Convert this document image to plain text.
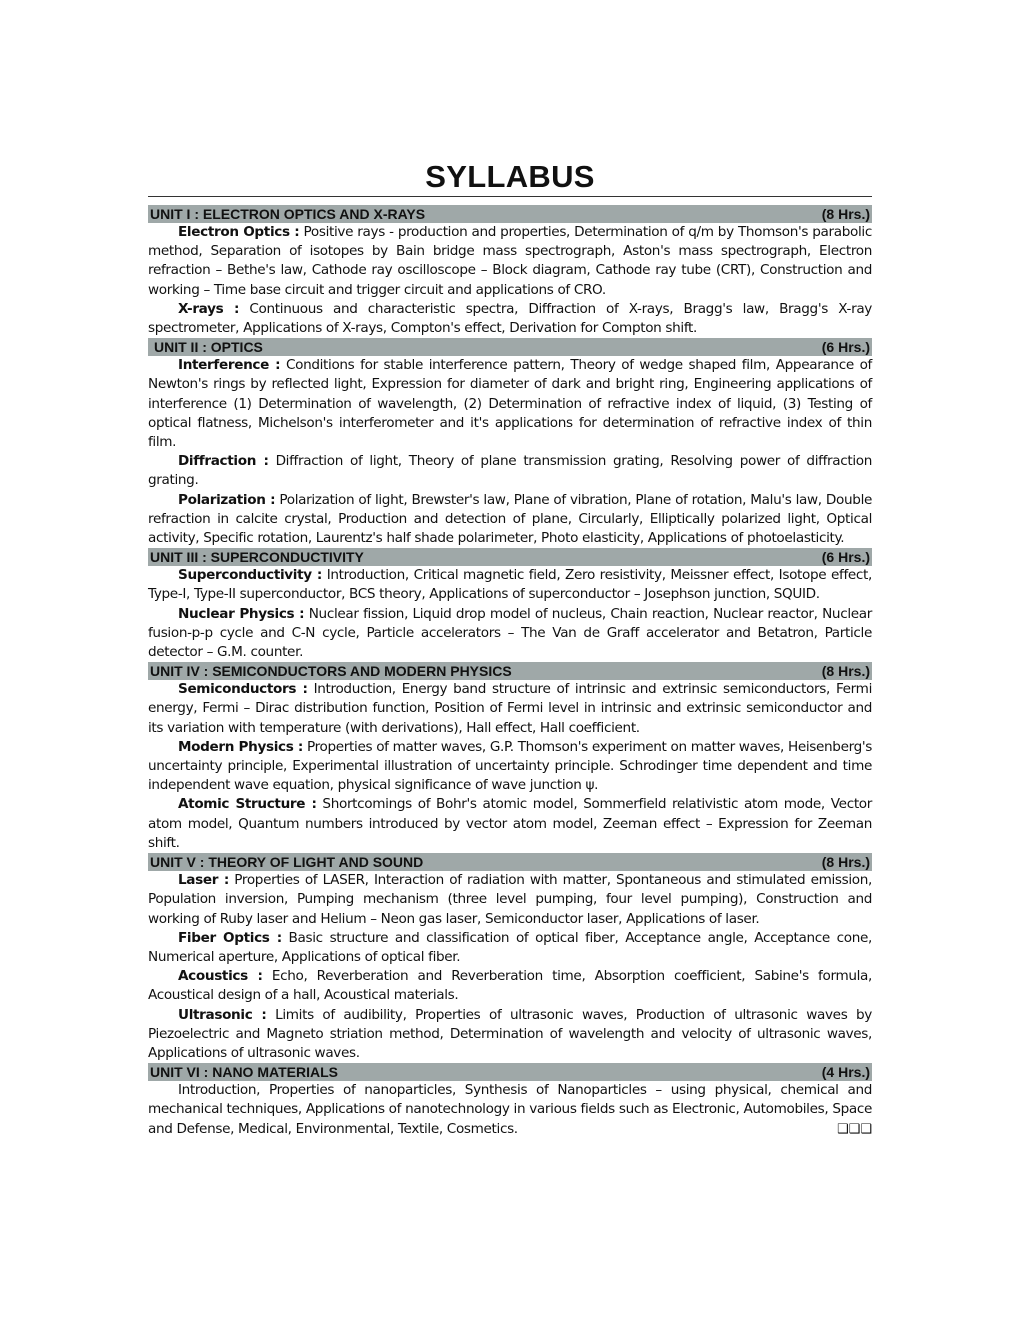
SYLLABUS
UNIT I : ELECTRON OPTICS AND X-RAYS	(8 Hrs.)

Electron Optics : Positive rays - production and properties, Determination of q/m by Thomson's parabolic method, Separation of isotopes by Bain bridge mass spectrograph, Aston's mass spectrograph, Electron refraction – Bethe's law, Cathode ray oscilloscope – Block diagram, Cathode ray tube (CRT), Construction and working – Time base circuit and trigger circuit and applications of CRO.

X-rays : Continuous and characteristic spectra, Diffraction of X-rays, Bragg's law, Bragg's X-ray spectrometer, Applications of X-rays, Compton's effect, Derivation for Compton shift.

UNIT II : OPTICS	(6 Hrs.)

Interference : Conditions for stable interference pattern, Theory of wedge shaped film, Appearance of Newton's rings by reflected light, Expression for diameter of dark and bright ring, Engineering applications of interference (1) Determination of wavelength, (2) Determination of refractive index of liquid, (3) Testing of optical flatness, Michelson's interferometer and it's applications for determination of refractive index of thin film.

Diffraction : Diffraction of light, Theory of plane transmission grating, Resolving power of diffraction grating.

Polarization : Polarization of light, Brewster's law, Plane of vibration, Plane of rotation, Malu's law, Double refraction in calcite crystal, Production and detection of plane, Circularly, Elliptically polarized light, Optical activity, Specific rotation, Laurentz's half shade polarimeter, Photo elasticity, Applications of photoelasticity.

UNIT III : SUPERCONDUCTIVITY	(6 Hrs.)

Superconductivity : Introduction, Critical magnetic field, Zero resistivity, Meissner effect, Isotope effect, Type-I, Type-II superconductor, BCS theory, Applications of superconductor – Josephson junction, SQUID.

Nuclear Physics : Nuclear fission, Liquid drop model of nucleus, Chain reaction, Nuclear reactor, Nuclear fusion-p-p cycle and C-N cycle, Particle accelerators – The Van de Graff accelerator and Betatron, Particle detector – G.M. counter.

UNIT IV : SEMICONDUCTORS AND MODERN PHYSICS	(8 Hrs.)

Semiconductors : Introduction, Energy band structure of intrinsic and extrinsic semiconductors, Fermi energy, Fermi – Dirac distribution function, Position of Fermi level in intrinsic and extrinsic semiconductor and its variation with temperature (with derivations), Hall effect, Hall coefficient.

Modern Physics : Properties of matter waves, G.P. Thomson's experiment on matter waves, Heisenberg's uncertainty principle, Experimental illustration of uncertainty principle. Schrodinger time dependent and time independent wave equation, physical significance of wave junction ψ.

Atomic Structure : Shortcomings of Bohr's atomic model, Sommerfield relativistic atom mode, Vector atom model, Quantum numbers introduced by vector atom model, Zeeman effect – Expression for Zeeman shift.

UNIT V : THEORY OF LIGHT AND SOUND	(8 Hrs.)

Laser : Properties of LASER, Interaction of radiation with matter, Spontaneous and stimulated emission, Population inversion, Pumping mechanism (three level pumping, four level pumping), Construction and working of Ruby laser and Helium – Neon gas laser, Semiconductor laser, Applications of laser.

Fiber Optics : Basic structure and classification of optical fiber, Acceptance angle, Acceptance cone, Numerical aperture, Applications of optical fiber.

Acoustics : Echo, Reverberation and Reverberation time, Absorption coefficient, Sabine's formula, Acoustical design of a hall, Acoustical materials.

Ultrasonic : Limits of audibility, Properties of ultrasonic waves, Production of ultrasonic waves by Piezoelectric and Magneto striation method, Determination of wavelength and velocity of ultrasonic waves, Applications of ultrasonic waves.

UNIT VI : NANO MATERIALS	(4 Hrs.)

Introduction, Properties of nanoparticles, Synthesis of Nanoparticles – using physical, chemical and mechanical techniques, Applications of nanotechnology in various fields such as Electronic, Automobiles, Space and Defense, Medical, Environmental, Textile, Cosmetics.	❑❑❑
